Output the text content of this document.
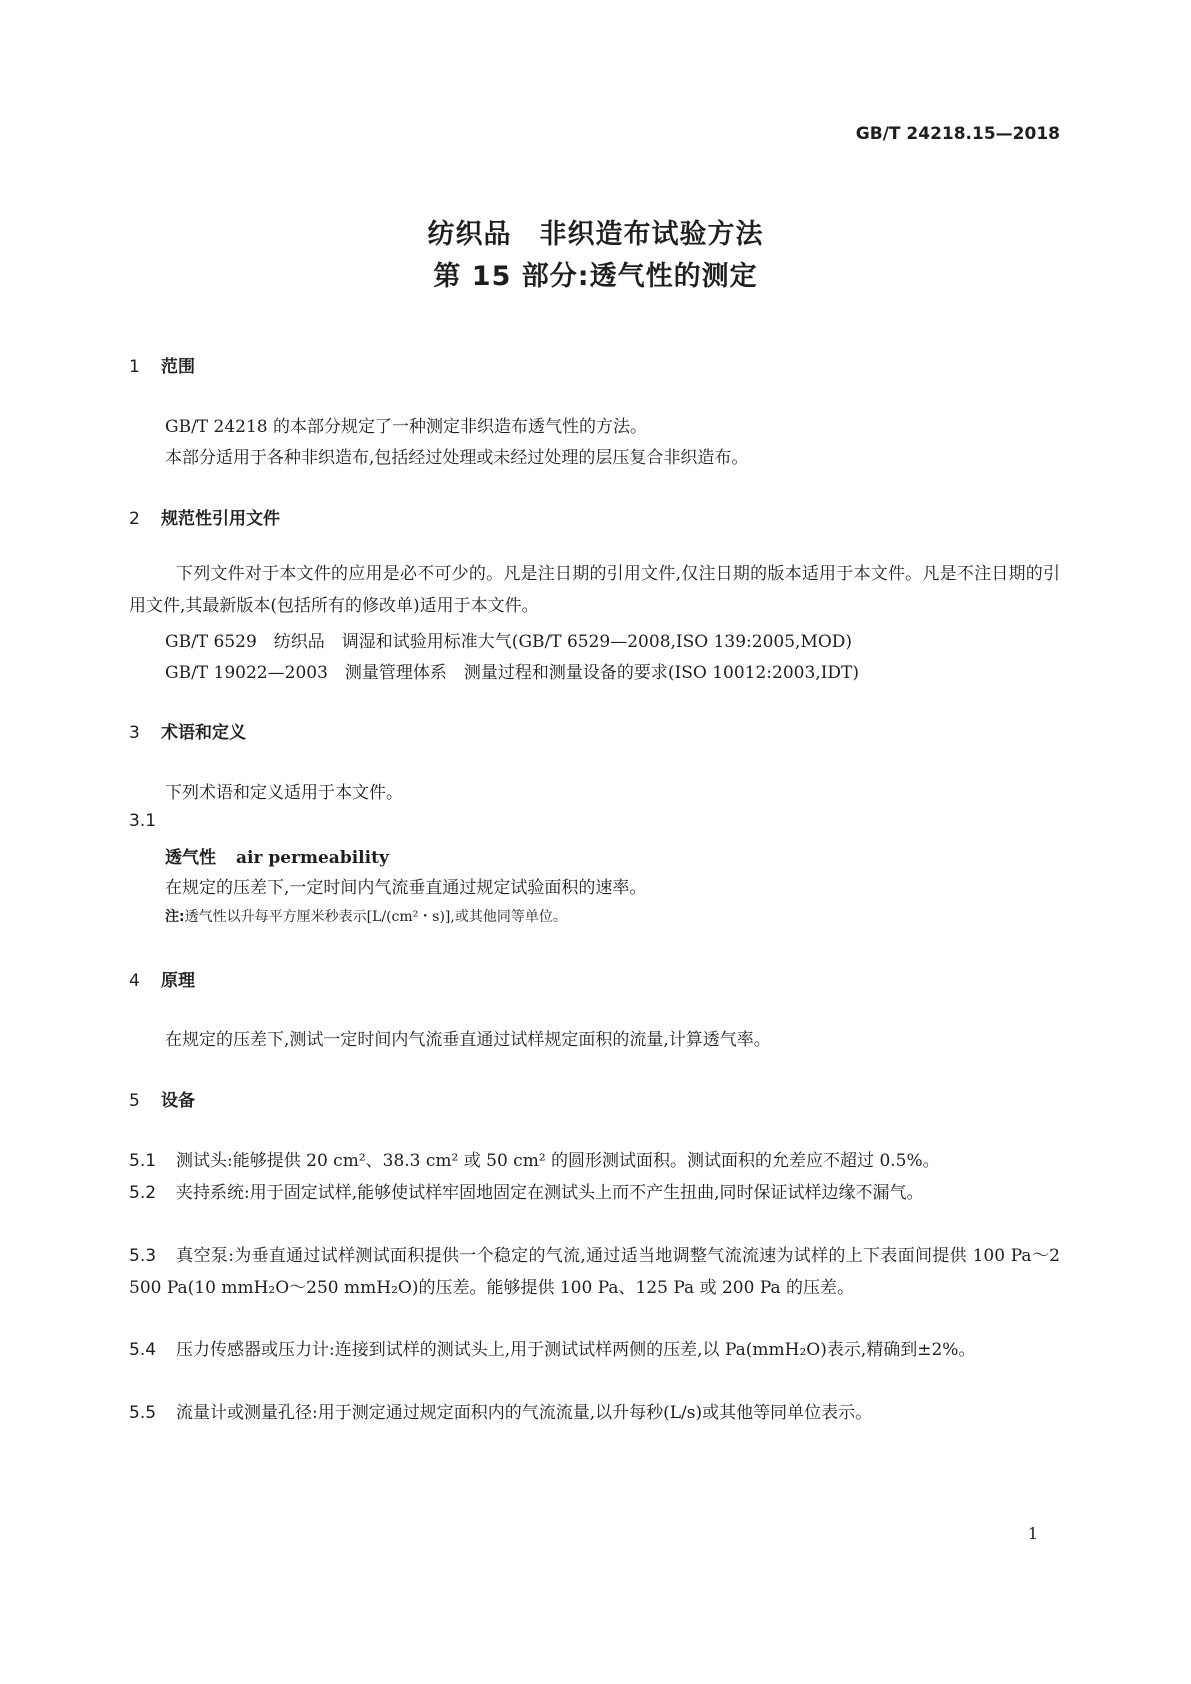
GB/T 24218.15—2018
纺织品　非织造布试验方法
第 15 部分:透气性的测定
1 范围
GB/T 24218 的本部分规定了一种测定非织造布透气性的方法。
本部分适用于各种非织造布,包括经过处理或未经过处理的层压复合非织造布。
2 规范性引用文件
下列文件对于本文件的应用是必不可少的。凡是注日期的引用文件,仅注日期的版本适用于本文件。凡是不注日期的引用文件,其最新版本(包括所有的修改单)适用于本文件。
GB/T 6529　纺织品　调湿和试验用标准大气(GB/T 6529—2008,ISO 139:2005,MOD)
GB/T 19022—2003　测量管理体系　测量过程和测量设备的要求(ISO 10012:2003,IDT)
3 术语和定义
下列术语和定义适用于本文件。
3.1
透气性 air permeability
在规定的压差下,一定时间内气流垂直通过规定试验面积的速率。
注:透气性以升每平方厘米秒表示[L/(cm²・s)],或其他同等单位。
4 原理
在规定的压差下,测试一定时间内气流垂直通过试样规定面积的流量,计算透气率。
5 设备
5.1 测试头:能够提供 20 cm²、38.3 cm² 或 50 cm² 的圆形测试面积。测试面积的允差应不超过 0.5%。
5.2 夹持系统:用于固定试样,能够使试样牢固地固定在测试头上而不产生扭曲,同时保证试样边缘不漏气。
5.3 真空泵:为垂直通过试样测试面积提供一个稳定的气流,通过适当地调整气流流速为试样的上下表面间提供 100 Pa～2 500 Pa(10 mmH₂O～250 mmH₂O)的压差。能够提供 100 Pa、125 Pa 或 200 Pa 的压差。
5.4 压力传感器或压力计:连接到试样的测试头上,用于测试试样两侧的压差,以 Pa(mmH₂O)表示,精确到±2%。
5.5 流量计或测量孔径:用于测定通过规定面积内的气流流量,以升每秒(L/s)或其他等同单位表示。
1
